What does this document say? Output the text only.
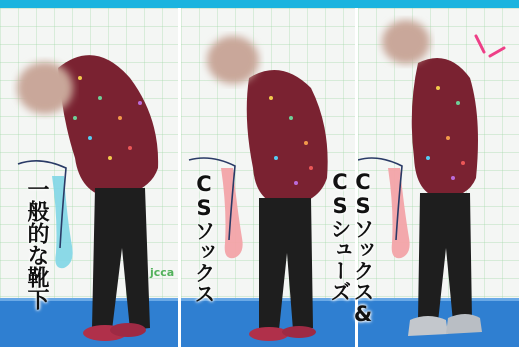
一般的な靴下	CSソックス	CSソックス&
CSシューズ
jcca
